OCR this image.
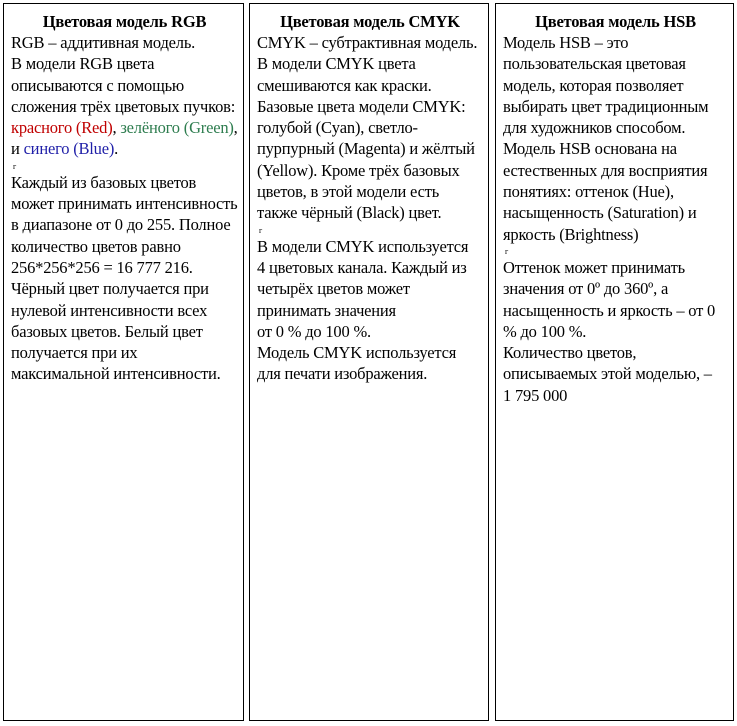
Цветовая модель RGB
RGB – аддитивная модель.
В модели RGB цвета описываются с помощью сложения трёх цветовых пучков: красного (Red), зелёного (Green), и синего (Blue).
г
Каждый из базовых цветов может принимать интенсивность в диапазоне от 0 до 255. Полное количество цветов равно 256*256*256 = 16 777 216. Чёрный цвет получается при нулевой интенсивности всех базовых цветов. Белый цвет получается при их максимальной интенсивности.
Цветовая модель CMYK
CMYK – субтрактивная модель.
В модели CMYK цвета смешиваются как краски. Базовые цвета модели CMYK: голубой (Cyan), светло-пурпурный (Magenta) и жёлтый (Yellow). Кроме трёх базовых цветов, в этой модели есть также чёрный (Black) цвет.
г
В модели CMYK используется
4 цветовых канала. Каждый из четырёх цветов может принимать значения
от 0 % до 100 %.
Модель CMYK используется для печати изображения.
Цветовая модель HSB
Модель HSB – это пользовательская цветовая модель, которая позволяет выбирать цвет традиционным для художников способом. Модель HSB основана на естественных для восприятия понятиях: оттенок (Hue), насыщенность (Saturation) и яркость (Brightness)
г
Оттенок может принимать значения от 0º до 360º, а насыщенность и яркость – от 0 % до 100 %.
Количество цветов, описываемых этой моделью, –
1 795 000
